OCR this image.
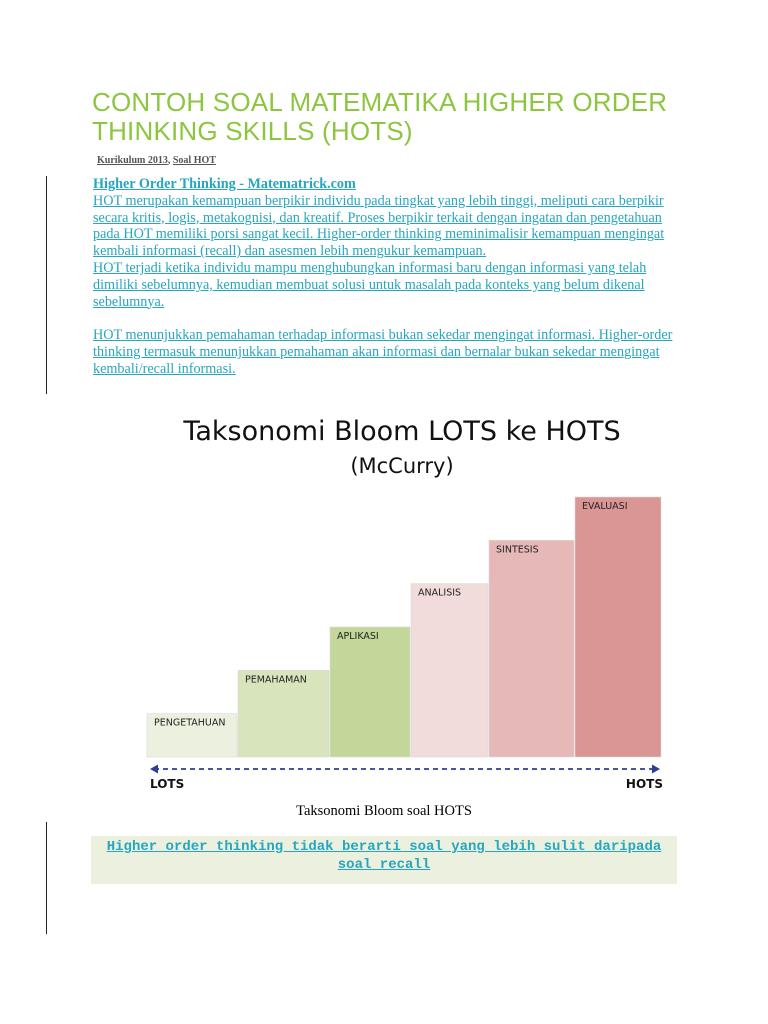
CONTOH SOAL MATEMATIKA HIGHER ORDER THINKING SKILLS (HOTS)
Kurikulum 2013, Soal HOT
Higher Order Thinking - Matematrick.com
HOT merupakan kemampuan berpikir individu pada tingkat yang lebih tinggi, meliputi cara berpikir secara kritis, logis, metakognisi, dan kreatif. Proses berpikir terkait dengan ingatan dan pengetahuan pada HOT memiliki porsi sangat kecil. Higher-order thinking meminimalisir kemampuan mengingat kembali informasi (recall) dan asesmen lebih mengukur kemampuan.
HOT terjadi ketika individu mampu menghubungkan informasi baru dengan informasi yang telah dimiliki sebelumnya, kemudian membuat solusi untuk masalah pada konteks yang belum dikenal sebelumnya.
HOT menunjukkan pemahaman terhadap informasi bukan sekedar mengingat informasi. Higher-order thinking termasuk menunjukkan pemahaman akan informasi dan bernalar bukan sekedar mengingat kembali/recall informasi.
Taksonomi Bloom LOTS ke HOTS
(McCurry)
PENGETAHUAN
PEMAHAMAN
APLIKASI
ANALISIS
SINTESIS
EVALUASI
LOTS	HOTS
Taksonomi Bloom soal HOTS
Higher order thinking tidak berarti soal yang lebih sulit daripada soal recall
